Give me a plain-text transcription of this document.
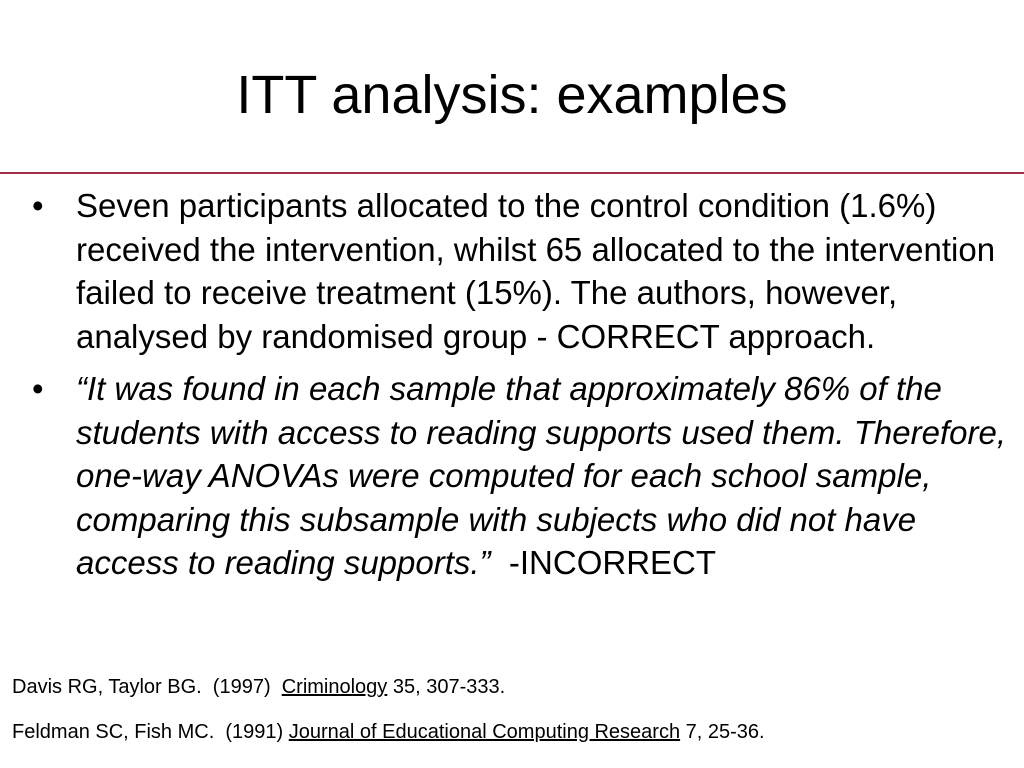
ITT analysis: examples
• Seven participants allocated to the control condition (1.6%) received the intervention, whilst 65 allocated to the intervention failed to receive treatment (15%). The authors, however, analysed by randomised group - CORRECT approach.
• “It was found in each sample that approximately 86% of the students with access to reading supports used them. Therefore, one-way ANOVAs were computed for each school sample, comparing this subsample with subjects who did not have access to reading supports.”  -INCORRECT
Davis RG, Taylor BG.  (1997)  Criminology 35, 307-333.
Feldman SC, Fish MC.  (1991) Journal of Educational Computing Research 7, 25-36.
